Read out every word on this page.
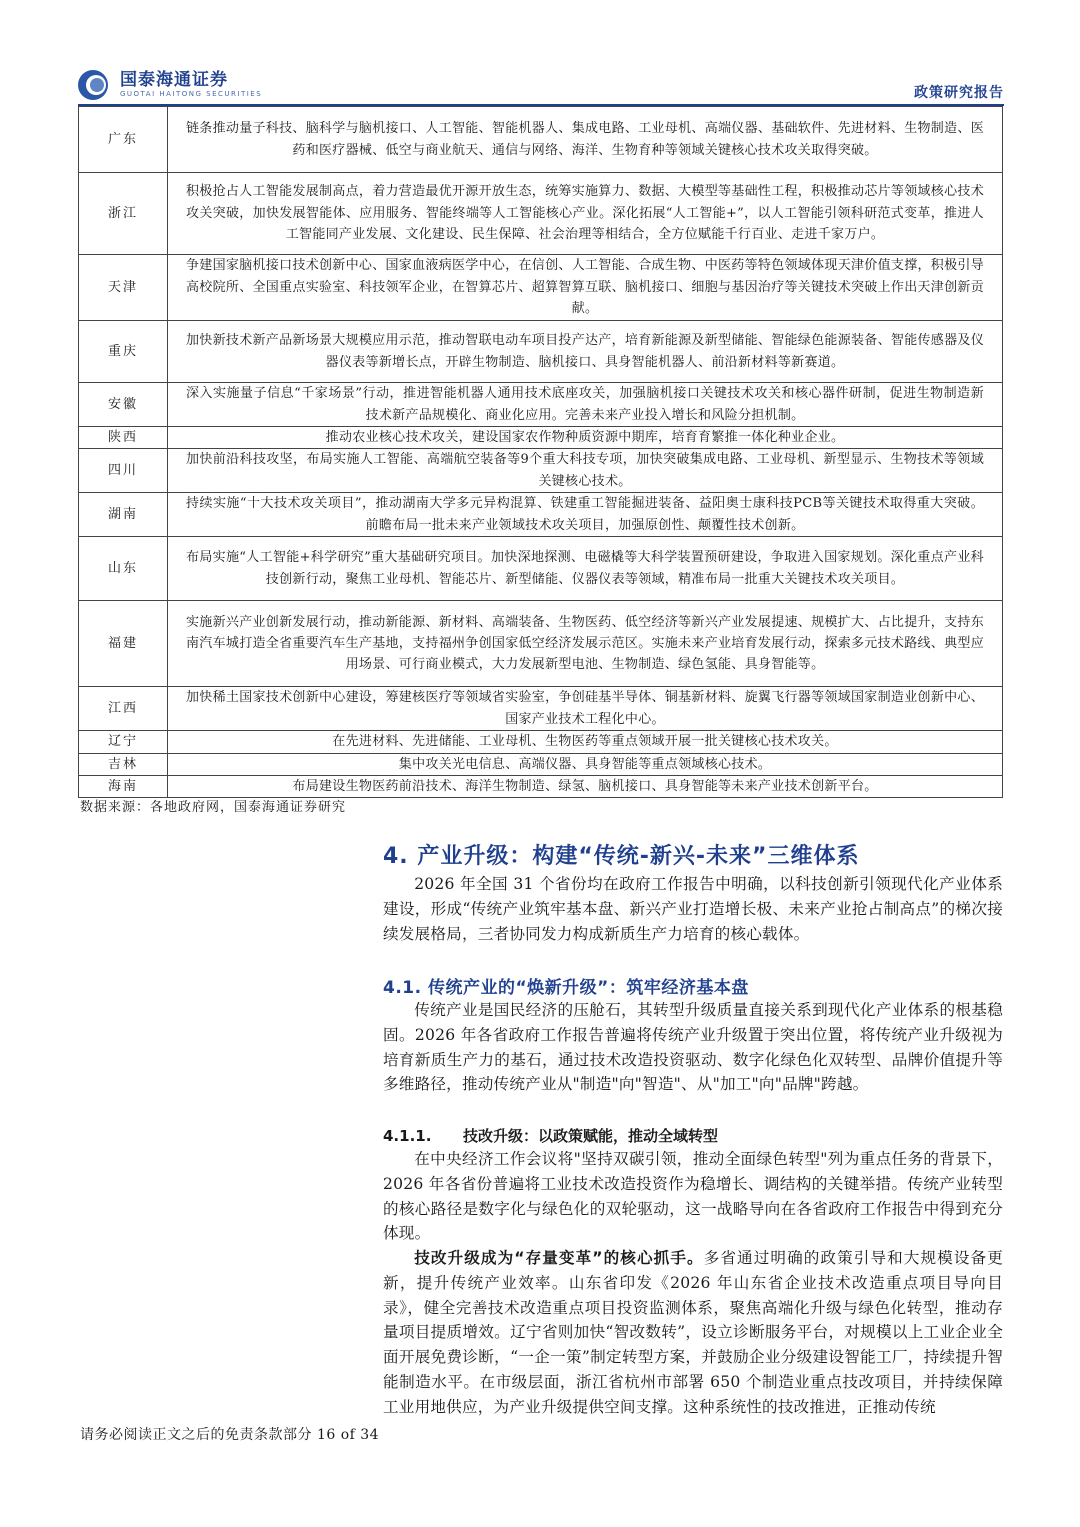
国泰海通证券
GUOTAI HAITONG SECURITIES	政策研究报告
广东	链条推动量子科技、脑科学与脑机接口、人工智能、智能机器人、集成电路、工业母机、高端仪器、基础软件、先进材料、生物制造、医药和医疗器械、低空与商业航天、通信与网络、海洋、生物育种等领域关键核心技术攻关取得突破。
浙江	积极抢占人工智能发展制高点，着力营造最优开源开放生态，统筹实施算力、数据、大模型等基础性工程，积极推动芯片等领域核心技术攻关突破，加快发展智能体、应用服务、智能终端等人工智能核心产业。深化拓展“人工智能+”，以人工智能引领科研范式变革，推进人工智能同产业发展、文化建设、民生保障、社会治理等相结合，全方位赋能千行百业、走进千家万户。
天津	争建国家脑机接口技术创新中心、国家血液病医学中心，在信创、人工智能、合成生物、中医药等特色领域体现天津价值支撑，积极引导高校院所、全国重点实验室、科技领军企业，在智算芯片、超算智算互联、脑机接口、细胞与基因治疗等关键技术突破上作出天津创新贡献。
重庆	加快新技术新产品新场景大规模应用示范，推动智联电动车项目投产达产，培育新能源及新型储能、智能绿色能源装备、智能传感器及仪器仪表等新增长点，开辟生物制造、脑机接口、具身智能机器人、前沿新材料等新赛道。
安徽	深入实施量子信息“千家场景”行动，推进智能机器人通用技术底座攻关，加强脑机接口关键技术攻关和核心器件研制，促进生物制造新技术新产品规模化、商业化应用。完善未来产业投入增长和风险分担机制。
陕西	推动农业核心技术攻关，建设国家农作物种质资源中期库，培育育繁推一体化种业企业。
四川	加快前沿科技攻坚，布局实施人工智能、高端航空装备等9个重大科技专项，加快突破集成电路、工业母机、新型显示、生物技术等领域关键核心技术。
湖南	持续实施“十大技术攻关项目”，推动湖南大学多元异构混算、铁建重工智能掘进装备、益阳奥士康科技PCB等关键技术取得重大突破。前瞻布局一批未来产业领域技术攻关项目，加强原创性、颠覆性技术创新。
山东	布局实施“人工智能+科学研究”重大基础研究项目。加快深地探测、电磁橇等大科学装置预研建设，争取进入国家规划。深化重点产业科技创新行动，聚焦工业母机、智能芯片、新型储能、仪器仪表等领域，精准布局一批重大关键技术攻关项目。
福建	实施新兴产业创新发展行动，推动新能源、新材料、高端装备、生物医药、低空经济等新兴产业发展提速、规模扩大、占比提升，支持东南汽车城打造全省重要汽车生产基地，支持福州争创国家低空经济发展示范区。实施未来产业培育发展行动，探索多元技术路线、典型应用场景、可行商业模式，大力发展新型电池、生物制造、绿色氢能、具身智能等。
江西	加快稀土国家技术创新中心建设，筹建核医疗等领域省实验室，争创硅基半导体、铜基新材料、旋翼飞行器等领域国家制造业创新中心、国家产业技术工程化中心。
辽宁	在先进材料、先进储能、工业母机、生物医药等重点领域开展一批关键核心技术攻关。
吉林	集中攻关光电信息、高端仪器、具身智能等重点领域核心技术。
海南	布局建设生物医药前沿技术、海洋生物制造、绿氢、脑机接口、具身智能等未来产业技术创新平台。
数据来源：各地政府网，国泰海通证券研究
4. 产业升级：构建“传统-新兴-未来”三维体系

2026 年全国 31 个省份均在政府工作报告中明确，以科技创新引领现代化产业体系建设，形成“传统产业筑牢基本盘、新兴产业打造增长极、未来产业抢占制高点”的梯次接续发展格局，三者协同发力构成新质生产力培育的核心载体。

4.1. 传统产业的“焕新升级”：筑牢经济基本盘

传统产业是国民经济的压舱石，其转型升级质量直接关系到现代化产业体系的根基稳固。2026 年各省政府工作报告普遍将传统产业升级置于突出位置，将传统产业升级视为培育新质生产力的基石，通过技术改造投资驱动、数字化绿色化双转型、品牌价值提升等多维路径，推动传统产业从"制造"向"智造"、从"加工"向"品牌"跨越。

4.1.1. 技改升级：以政策赋能，推动全域转型

在中央经济工作会议将"坚持双碳引领，推动全面绿色转型"列为重点任务的背景下，2026 年各省份普遍将工业技术改造投资作为稳增长、调结构的关键举措。传统产业转型的核心路径是数字化与绿色化的双轮驱动，这一战略导向在各省政府工作报告中得到充分体现。

技改升级成为“存量变革”的核心抓手。多省通过明确的政策引导和大规模设备更新，提升传统产业效率。山东省印发《2026 年山东省企业技术改造重点项目导向目录》，健全完善技术改造重点项目投资监测体系，聚焦高端化升级与绿色化转型，推动存量项目提质增效。辽宁省则加快“智改数转”，设立诊断服务平台，对规模以上工业企业全面开展免费诊断，“一企一策”制定转型方案，并鼓励企业分级建设智能工厂，持续提升智能制造水平。在市级层面，浙江省杭州市部署 650 个制造业重点技改项目，并持续保障工业用地供应，为产业升级提供空间支撑。这种系统性的技改推进，正推动传统

请务必阅读正文之后的免责条款部分 16 of 34
